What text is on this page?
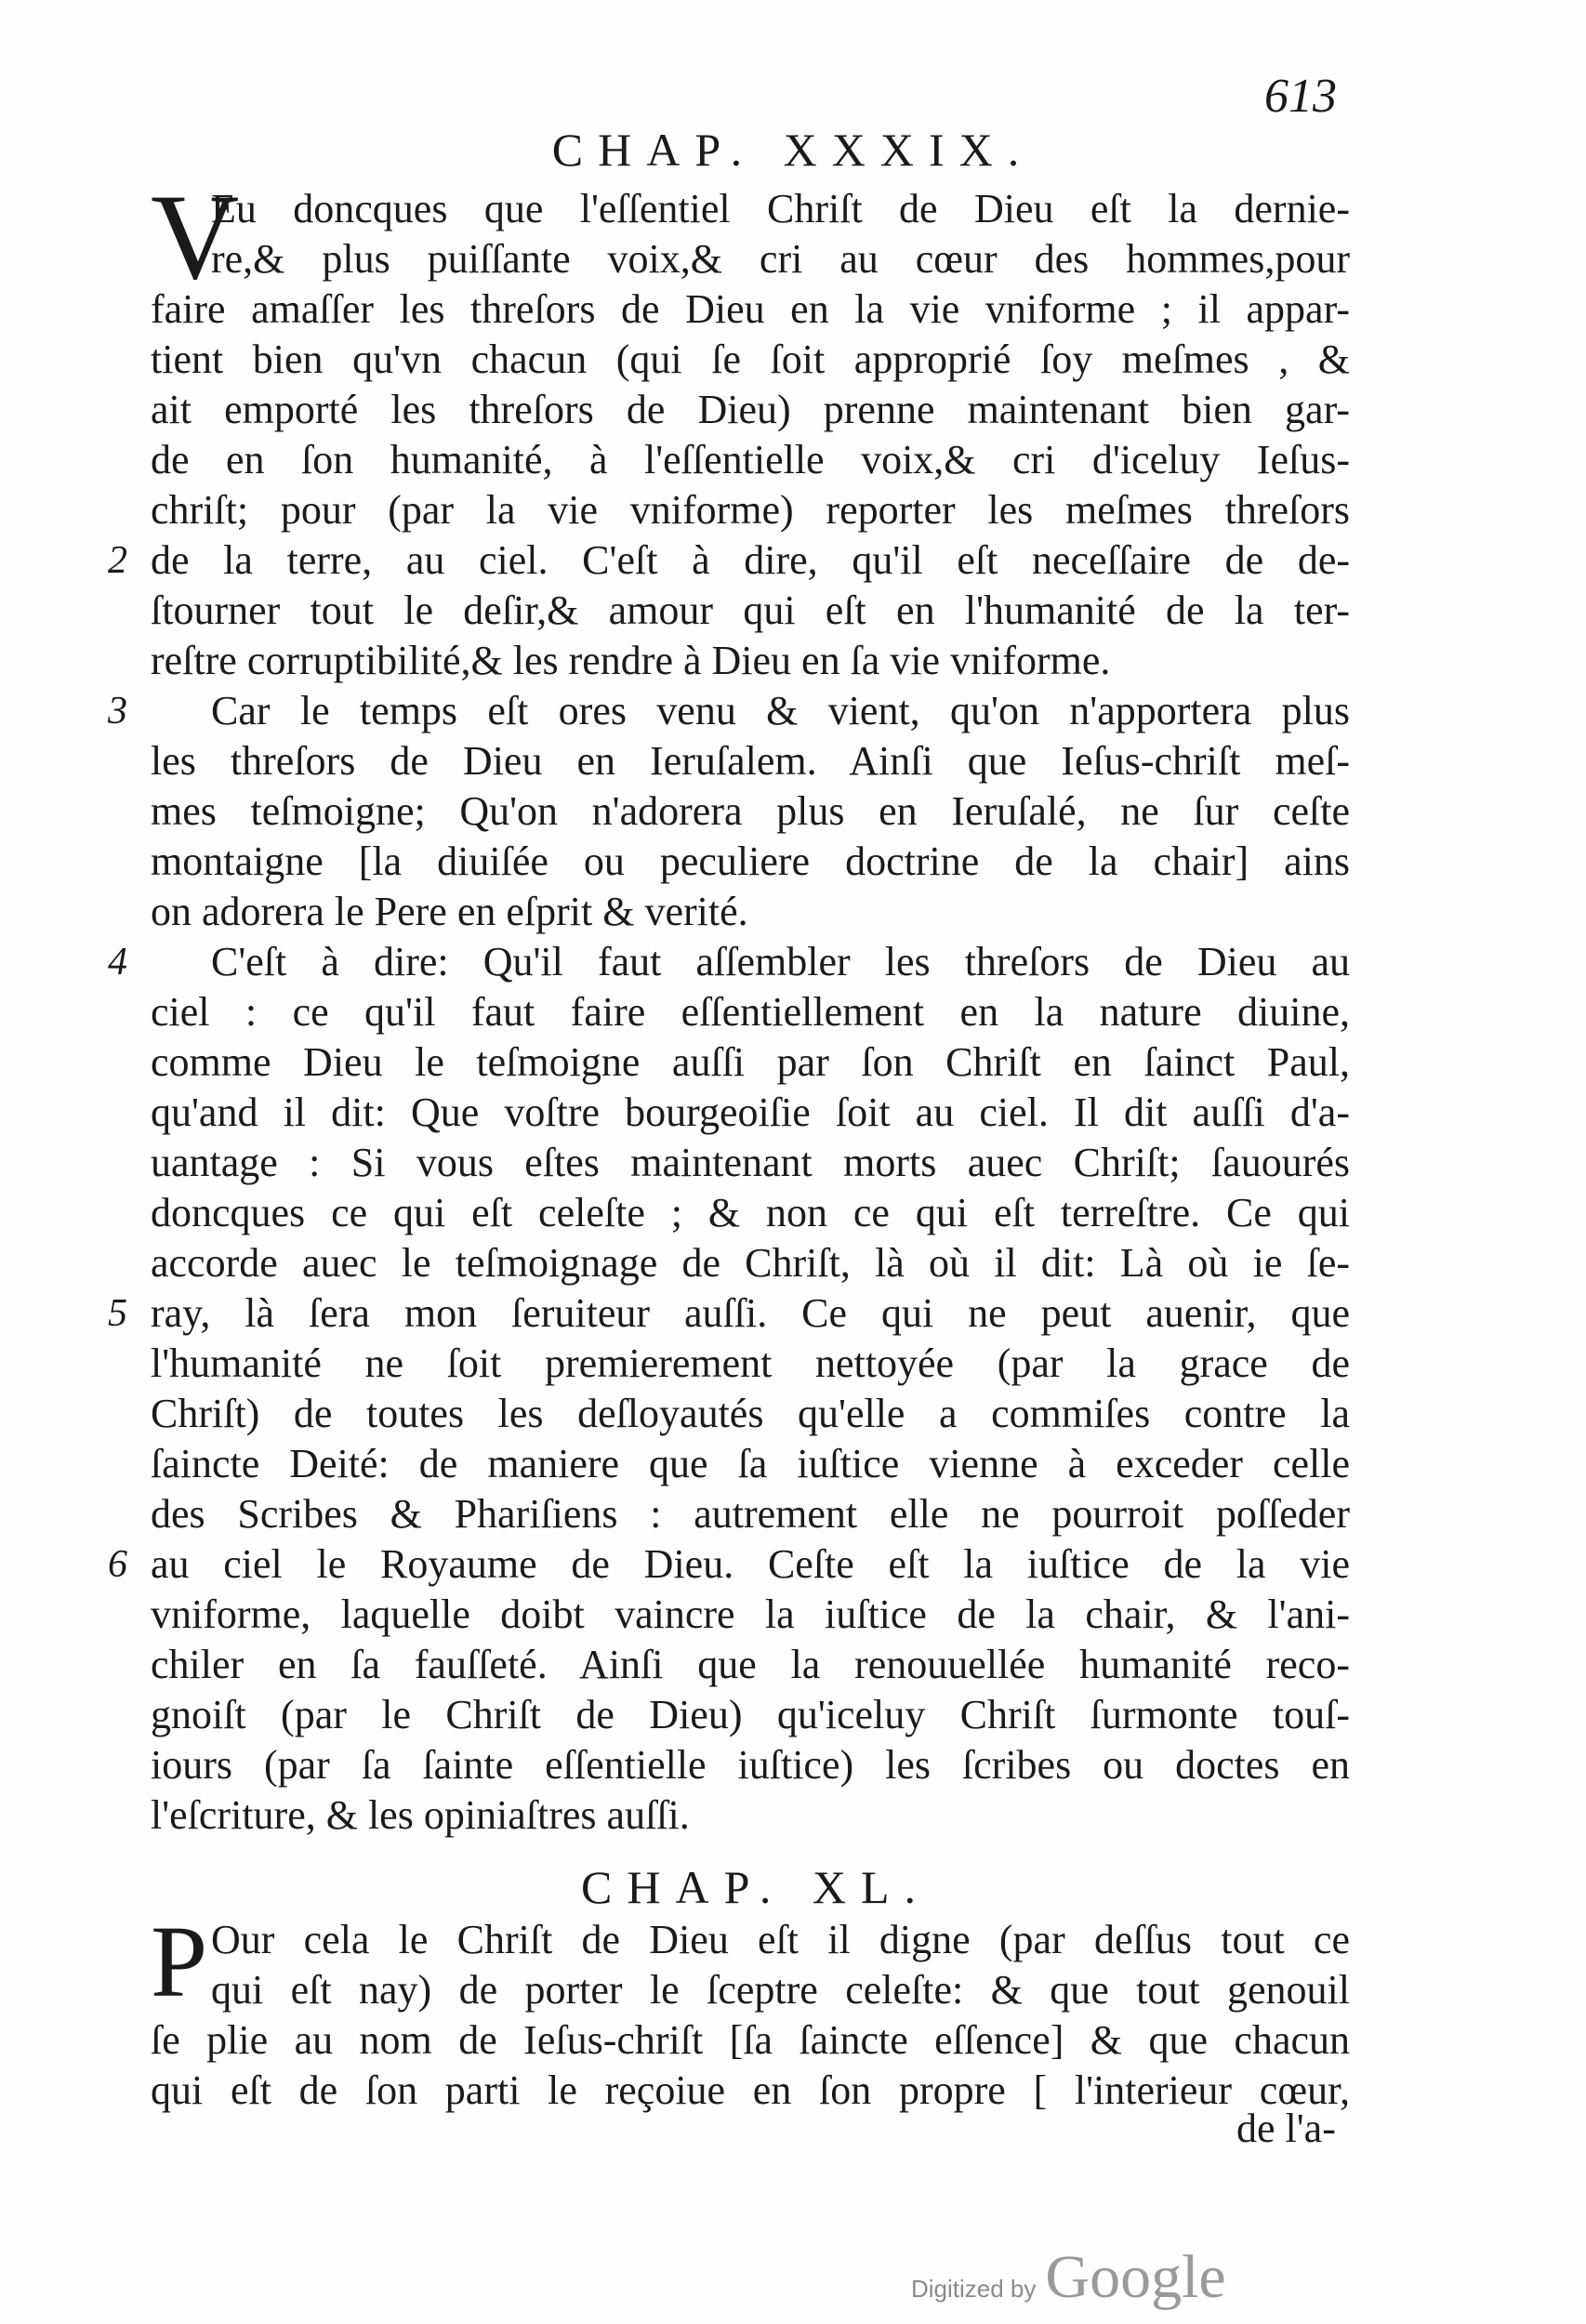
613
CHAP. XXXIX.
V
Eu doncques que l'eſſentiel Chriſt de Dieu eſt la dernie-
re,& plus puiſſante voix,& cri au cœur des hommes,pour
faire amaſſer les threſors de Dieu en la vie vniforme ; il appar-
tient bien qu'vn chacun (qui ſe ſoit approprié ſoy meſmes , &
ait emporté les threſors de Dieu) prenne maintenant bien gar-
de en ſon humanité, à l'eſſentielle voix,& cri d'iceluy Ieſus-
chriſt; pour (par la vie vniforme) reporter les meſmes threſors
de la terre, au ciel. C'eſt à dire, qu'il eſt neceſſaire de de-
ſtourner tout le deſir,& amour qui eſt en l'humanité de la ter-
reſtre corruptibilité,& les rendre à Dieu en ſa vie vniforme.
Car le temps eſt ores venu & vient, qu'on n'apportera plus
les threſors de Dieu en Ieruſalem. Ainſi que Ieſus-chriſt meſ-
mes teſmoigne; Qu'on n'adorera plus en Ieruſalé, ne ſur ceſte
montaigne [la diuiſée ou peculiere doctrine de la chair] ains
on adorera le Pere en eſprit & verité.
C'eſt à dire: Qu'il faut aſſembler les threſors de Dieu au
ciel : ce qu'il faut faire eſſentiellement en la nature diuine,
comme Dieu le teſmoigne auſſi par ſon Chriſt en ſainct Paul,
qu'and il dit: Que voſtre bourgeoiſie ſoit au ciel. Il dit auſſi d'a-
uantage : Si vous eſtes maintenant morts auec Chriſt; ſauourés
doncques ce qui eſt celeſte ; & non ce qui eſt terreſtre. Ce qui
accorde auec le teſmoignage de Chriſt, là où il dit: Là où ie ſe-
ray, là ſera mon ſeruiteur auſſi. Ce qui ne peut auenir, que
l'humanité ne ſoit premierement nettoyée (par la grace de
Chriſt) de toutes les deſloyautés qu'elle a commiſes contre la
ſaincte Deité: de maniere que ſa iuſtice vienne à exceder celle
des Scribes & Phariſiens : autrement elle ne pourroit poſſeder
au ciel le Royaume de Dieu. Ceſte eſt la iuſtice de la vie
vniforme, laquelle doibt vaincre la iuſtice de la chair, & l'ani-
chiler en ſa fauſſeté. Ainſi que la renouuellée humanité reco-
gnoiſt (par le Chriſt de Dieu) qu'iceluy Chriſt ſurmonte touſ-
iours (par ſa ſainte eſſentielle iuſtice) les ſcribes ou doctes en
l'eſcriture, & les opiniaſtres auſſi.
2
3
4
5
6
CHAP. XL.
P Our cela le Chriſt de Dieu eſt il digne (par deſſus tout ce
qui eſt nay) de porter le ſceptre celeſte: & que tout genouil
ſe plie au nom de Ieſus-chriſt [ſa ſaincte eſſence] & que chacun
qui eſt de ſon parti le reçoiue en ſon propre [ l'interieur cœur,
de l'a-
Digitized by Google
